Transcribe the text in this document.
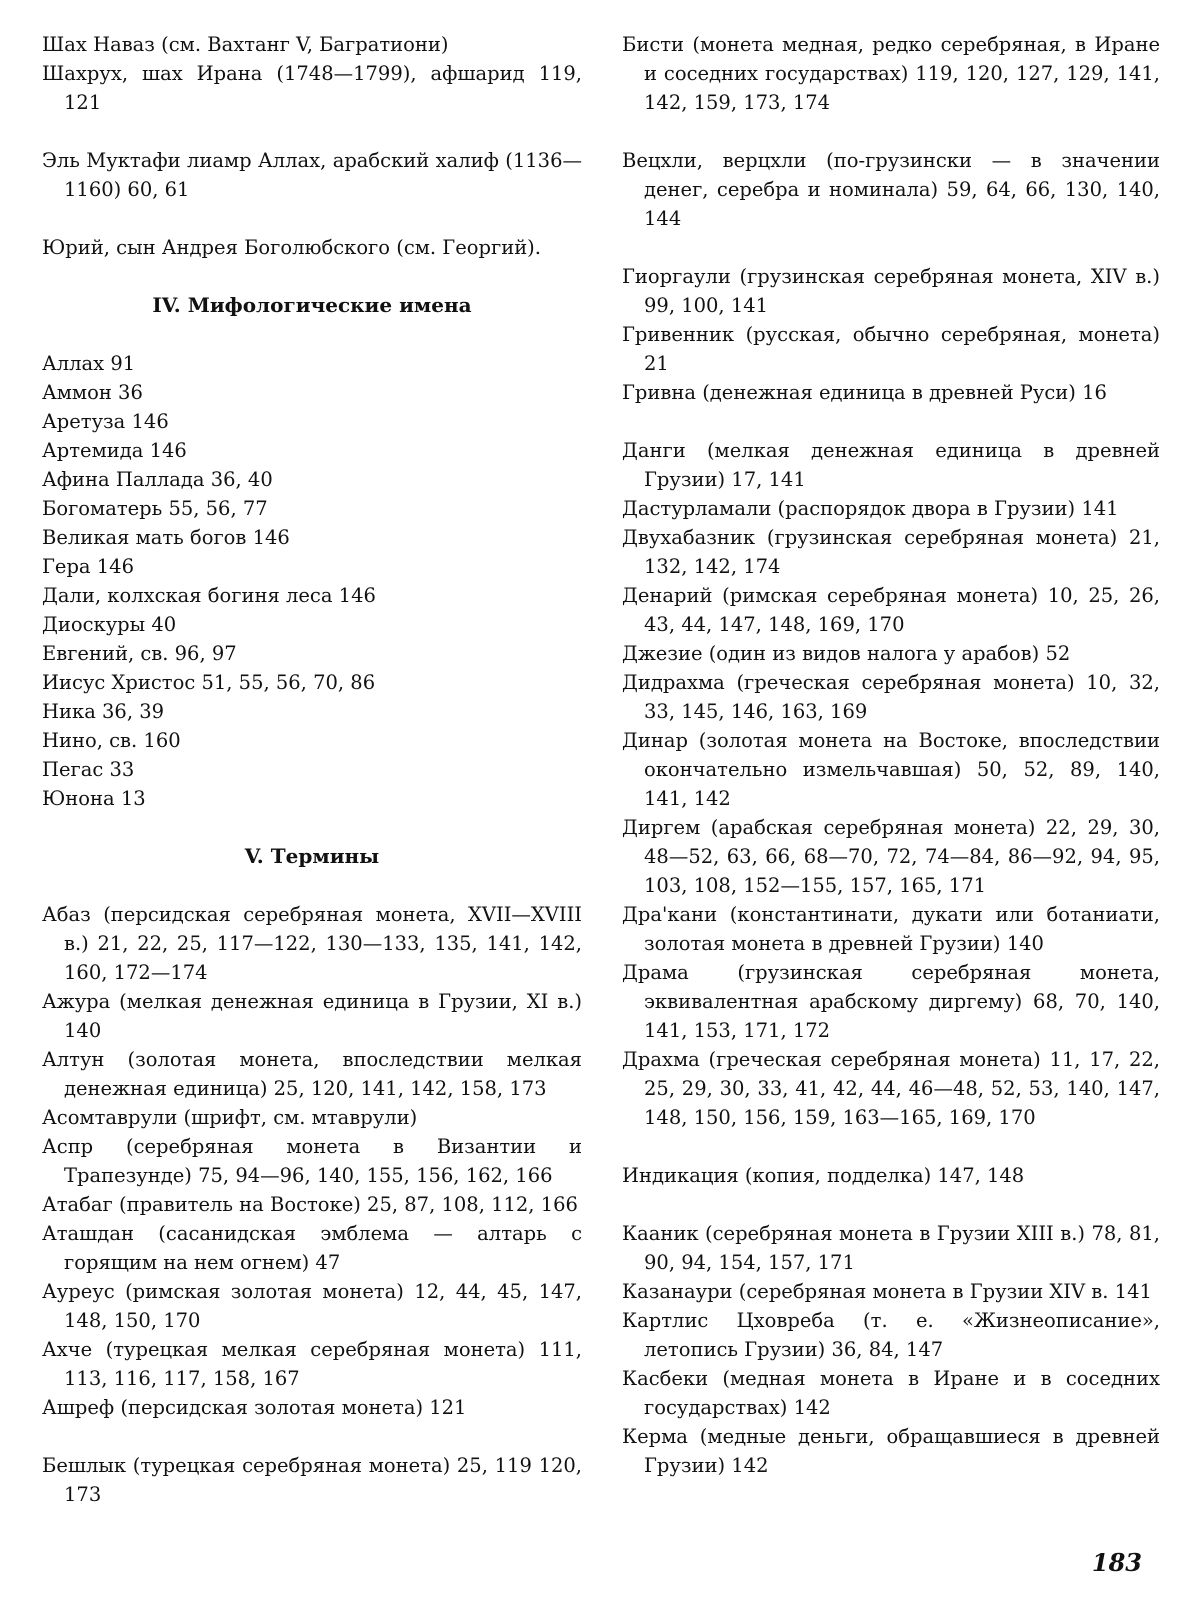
Шах Наваз (см. Вахтанг V, Багратиони)

Шахрух, шах Ирана (1748—1799), афшарид 119, 121

Эль Муктафи лиамр Аллах, арабский халиф (1136—1160) 60, 61

Юрий, сын Андрея Боголюбского (см. Георгий).

IV. Мифологические имена

Аллах 91

Аммон 36

Аретуза 146

Артемида 146

Афина Паллада 36, 40

Богоматерь 55, 56, 77

Великая мать богов 146

Гера 146

Дали, колхская богиня леса 146

Диоскуры 40

Евгений, св. 96, 97

Иисус Христос 51, 55, 56, 70, 86

Ника 36, 39

Нино, св. 160

Пегас 33

Юнона 13

V. Термины

Абаз (персидская серебряная монета, XVII—XVIII в.) 21, 22, 25, 117—122, 130—133, 135, 141, 142, 160, 172—174

Ажура (мелкая денежная единица в Грузии, XI в.) 140

Алтун (золотая монета, впоследствии мелкая денежная единица) 25, 120, 141, 142, 158, 173

Асомтаврули (шрифт, см. мтаврули)

Аспр (серебряная монета в Византии и Трапезунде) 75, 94—96, 140, 155, 156, 162, 166

Атабаг (правитель на Востоке) 25, 87, 108, 112, 166

Аташдан (сасанидская эмблема — алтарь с горящим на нем огнем) 47

Ауреус (римская золотая монета) 12, 44, 45, 147, 148, 150, 170

Ахче (турецкая мелкая серебряная монета) 111, 113, 116, 117, 158, 167

Ашреф (персидская золотая монета) 121

Бешлык (турецкая серебряная монета) 25, 119 120, 173

Бисти (монета медная, редко серебряная, в Иране и соседних государствах) 119, 120, 127, 129, 141, 142, 159, 173, 174

Вецхли, верцхли (по-грузински — в значении денег, серебра и номинала) 59, 64, 66, 130, 140, 144

Гиоргаули (грузинская серебряная монета, XIV в.) 99, 100, 141

Гривенник (русская, обычно серебряная, монета) 21

Гривна (денежная единица в древней Руси) 16

Данги (мелкая денежная единица в древней Грузии) 17, 141

Дастурламали (распорядок двора в Грузии) 141

Двухабазник (грузинская серебряная монета) 21, 132, 142, 174

Денарий (римская серебряная монета) 10, 25, 26, 43, 44, 147, 148, 169, 170

Джезие (один из видов налога у арабов) 52

Дидрахма (греческая серебряная монета) 10, 32, 33, 145, 146, 163, 169

Динар (золотая монета на Востоке, впоследствии окончательно измельчавшая) 50, 52, 89, 140, 141, 142

Диргем (арабская серебряная монета) 22, 29, 30, 48—52, 63, 66, 68—70, 72, 74—84, 86—92, 94, 95, 103, 108, 152—155, 157, 165, 171

Дра'кани (константинати, дукати или ботаниати, золотая монета в древней Грузии) 140

Драма (грузинская серебряная монета, эквивалентная арабскому диргему) 68, 70, 140, 141, 153, 171, 172

Драхма (греческая серебряная монета) 11, 17, 22, 25, 29, 30, 33, 41, 42, 44, 46—48, 52, 53, 140, 147, 148, 150, 156, 159, 163—165, 169, 170

Индикация (копия, подделка) 147, 148

Кааник (серебряная монета в Грузии XIII в.) 78, 81, 90, 94, 154, 157, 171

Казанаури (серебряная монета в Грузии XIV в. 141

Картлис Цховреба (т. е. «Жизнеописание», летопись Грузии) 36, 84, 147

Касбеки (медная монета в Иране и в соседних государствах) 142

Керма (медные деньги, обращавшиеся в древней Грузии) 142

183
